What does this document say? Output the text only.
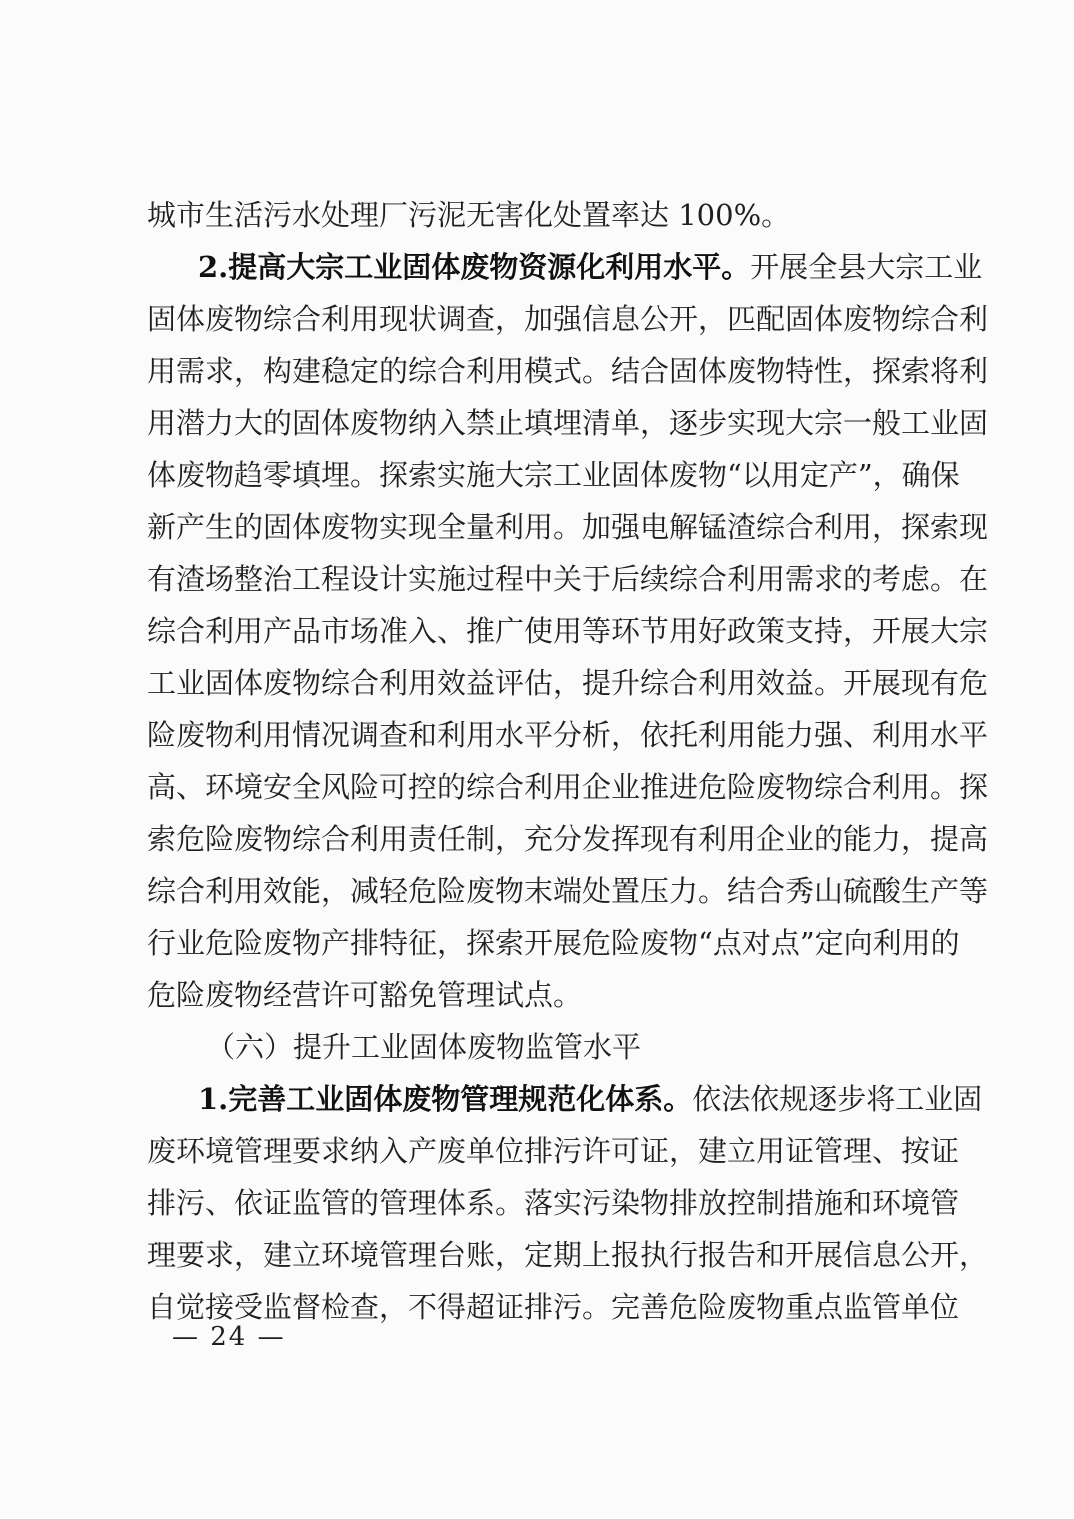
城市生活污水处理厂污泥无害化处置率达 100%。
2.提高大宗工业固体废物资源化利用水平。开展全县大宗工业
固体废物综合利用现状调查，加强信息公开，匹配固体废物综合利
用需求，构建稳定的综合利用模式。结合固体废物特性，探索将利
用潜力大的固体废物纳入禁止填埋清单，逐步实现大宗一般工业固
体废物趋零填埋。探索实施大宗工业固体废物“以用定产”，确保
新产生的固体废物实现全量利用。加强电解锰渣综合利用，探索现
有渣场整治工程设计实施过程中关于后续综合利用需求的考虑。在
综合利用产品市场准入、推广使用等环节用好政策支持，开展大宗
工业固体废物综合利用效益评估，提升综合利用效益。开展现有危
险废物利用情况调查和利用水平分析，依托利用能力强、利用水平
高、环境安全风险可控的综合利用企业推进危险废物综合利用。探
索危险废物综合利用责任制，充分发挥现有利用企业的能力，提高
综合利用效能，减轻危险废物末端处置压力。结合秀山硫酸生产等
行业危险废物产排特征，探索开展危险废物“点对点”定向利用的
危险废物经营许可豁免管理试点。
（六）提升工业固体废物监管水平
1.完善工业固体废物管理规范化体系。依法依规逐步将工业固
废环境管理要求纳入产废单位排污许可证，建立用证管理、按证
排污、依证监管的管理体系。落实污染物排放控制措施和环境管
理要求，建立环境管理台账，定期上报执行报告和开展信息公开，
自觉接受监督检查，不得超证排污。完善危险废物重点监管单位
— 24 —
